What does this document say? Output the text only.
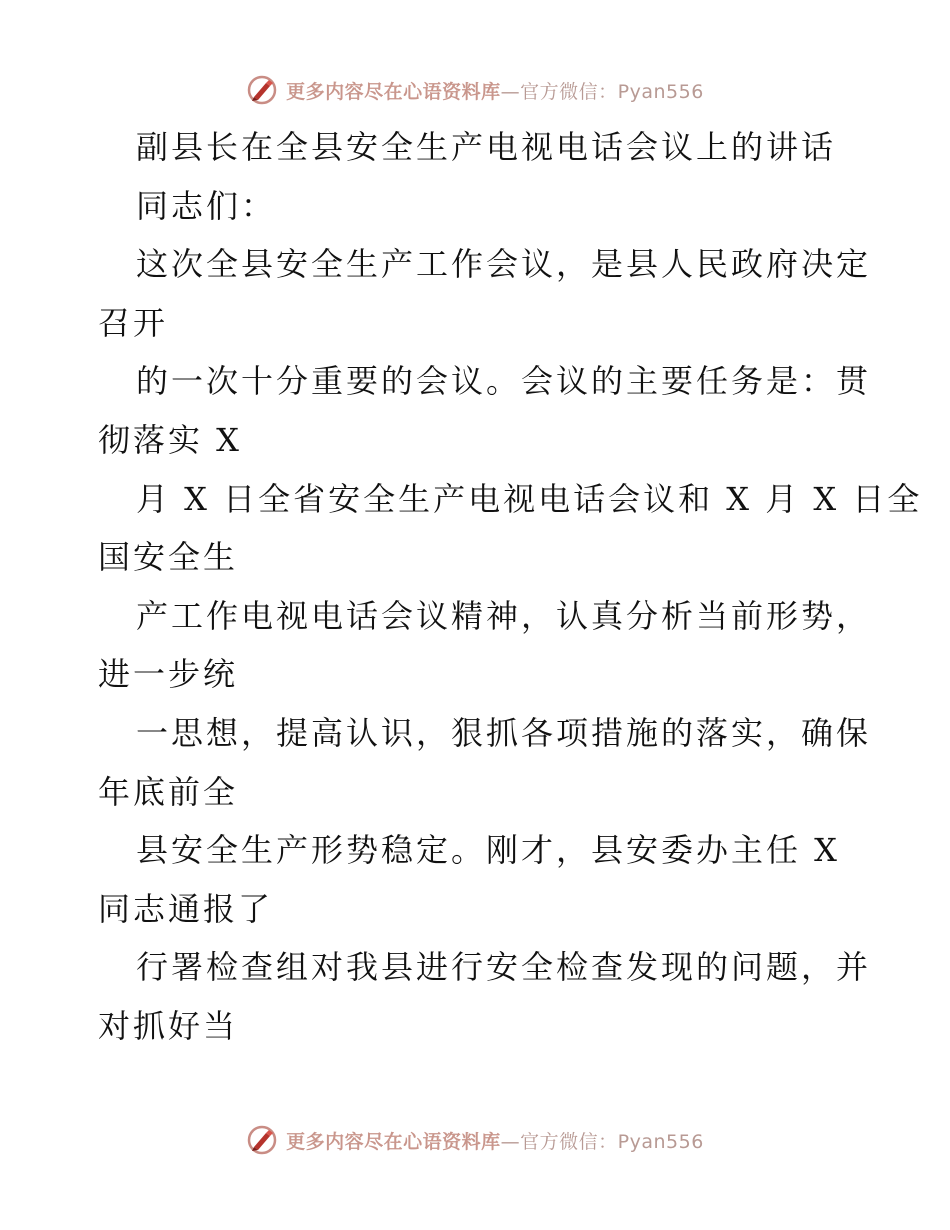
更多内容尽在心语资料库—官方微信：Pyan556
副县长在全县安全生产电视电话会议上的讲话
同志们：
这次全县安全生产工作会议，是县人民政府决定
召开
的一次十分重要的会议。会议的主要任务是：贯
彻落实 X
月 X 日全省安全生产电视电话会议和 X 月 X 日全
国安全生
产工作电视电话会议精神，认真分析当前形势，
进一步统
一思想，提高认识，狠抓各项措施的落实，确保
年底前全
县安全生产形势稳定。刚才，县安委办主任 X
同志通报了
行署检查组对我县进行安全检查发现的问题，并
对抓好当
更多内容尽在心语资料库—官方微信：Pyan556
